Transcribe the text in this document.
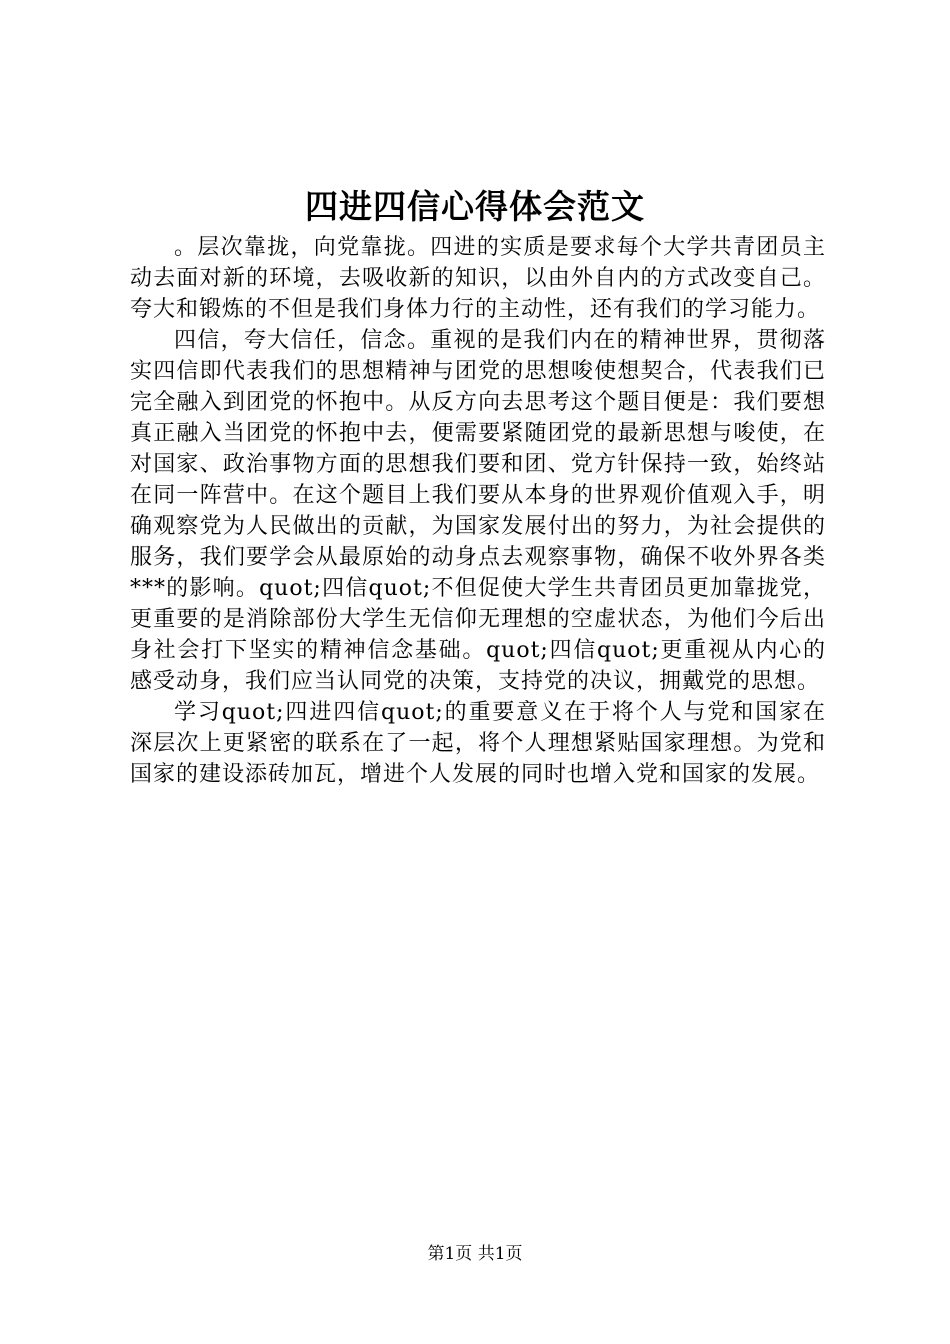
四进四信心得体会范文

。层次靠拢，向党靠拢。四进的实质是要求每个大学共青团员主动去面对新的环境，去吸收新的知识，以由外自内的方式改变自己。夸大和锻炼的不但是我们身体力行的主动性，还有我们的学习能力。

四信，夸大信任，信念。重视的是我们内在的精神世界，贯彻落实四信即代表我们的思想精神与团党的思想唆使想契合，代表我们已完全融入到团党的怀抱中。从反方向去思考这个题目便是：我们要想真正融入当团党的怀抱中去，便需要紧随团党的最新思想与唆使，在对国家、政治事物方面的思想我们要和团、党方针保持一致，始终站在同一阵营中。在这个题目上我们要从本身的世界观价值观入手，明确观察党为人民做出的贡献，为国家发展付出的努力，为社会提供的服务，我们要学会从最原始的动身点去观察事物，确保不收外界各类***的影响。quot;四信quot;不但促使大学生共青团员更加靠拢党，更重要的是消除部份大学生无信仰无理想的空虚状态，为他们今后出身社会打下坚实的精神信念基础。quot;四信quot;更重视从内心的感受动身，我们应当认同党的决策，支持党的决议，拥戴党的思想。

学习quot;四进四信quot;的重要意义在于将个人与党和国家在深层次上更紧密的联系在了一起，将个人理想紧贴国家理想。为党和国家的建设添砖加瓦，增进个人发展的同时也增入党和国家的发展。

第1页 共1页
